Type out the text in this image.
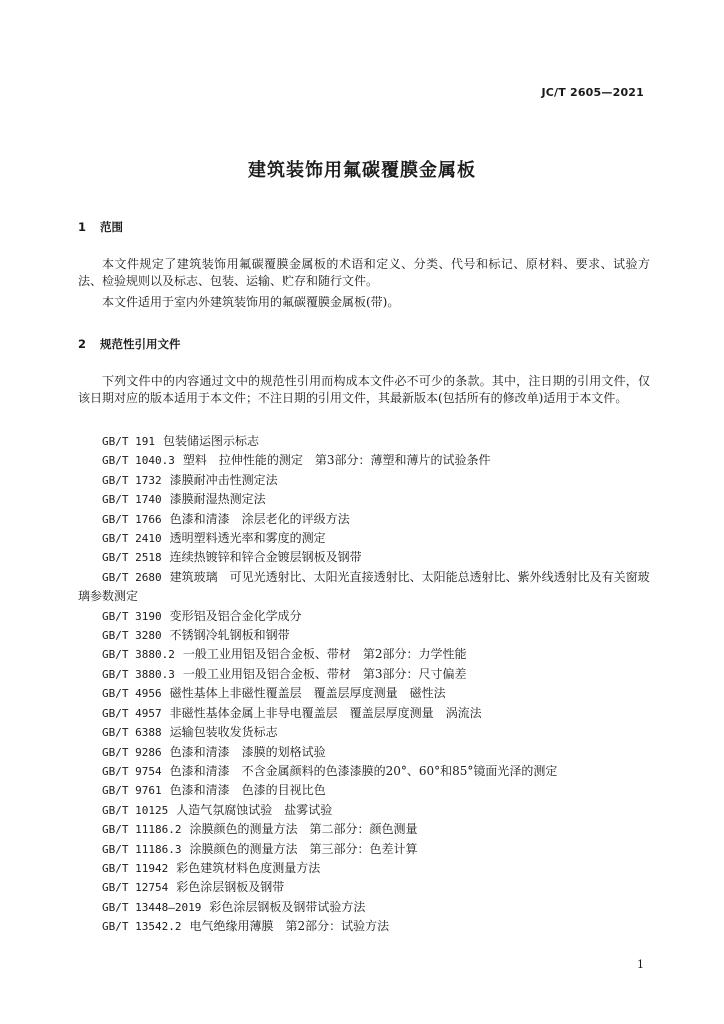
JC/T 2605—2021
建筑装饰用氟碳覆膜金属板
1 范围

本文件规定了建筑装饰用氟碳覆膜金属板的术语和定义、分类、代号和标记、原材料、要求、试验方法、检验规则以及标志、包装、运输、贮存和随行文件。

本文件适用于室内外建筑装饰用的氟碳覆膜金属板(带)。

2 规范性引用文件

下列文件中的内容通过文中的规范性引用而构成本文件必不可少的条款。其中，注日期的引用文件，仅该日期对应的版本适用于本文件；不注日期的引用文件，其最新版本(包括所有的修改单)适用于本文件。

GB/T 191 包装储运图示标志
GB/T 1040.3 塑料　拉伸性能的测定　第3部分：薄塑和薄片的试验条件
GB/T 1732 漆膜耐冲击性测定法
GB/T 1740 漆膜耐湿热测定法
GB/T 1766 色漆和清漆　涂层老化的评级方法
GB/T 2410 透明塑料透光率和雾度的测定
GB/T 2518 连续热镀锌和锌合金镀层钢板及钢带
GB/T 2680 建筑玻璃　可见光透射比、太阳光直接透射比、太阳能总透射比、紫外线透射比及有关窗玻璃参数测定
GB/T 3190 变形铝及铝合金化学成分
GB/T 3280 不锈钢冷轧钢板和钢带
GB/T 3880.2 一般工业用铝及铝合金板、带材　第2部分：力学性能
GB/T 3880.3 一般工业用铝及铝合金板、带材　第3部分：尺寸偏差
GB/T 4956 磁性基体上非磁性覆盖层　覆盖层厚度测量　磁性法
GB/T 4957 非磁性基体金属上非导电覆盖层　覆盖层厚度测量　涡流法
GB/T 6388 运输包装收发货标志
GB/T 9286 色漆和清漆　漆膜的划格试验
GB/T 9754 色漆和清漆　不含金属颜料的色漆漆膜的20°、60°和85°镜面光泽的测定
GB/T 9761 色漆和清漆　色漆的目视比色
GB/T 10125 人造气氛腐蚀试验　盐雾试验
GB/T 11186.2 涂膜颜色的测量方法　第二部分：颜色测量
GB/T 11186.3 涂膜颜色的测量方法　第三部分：色差计算
GB/T 11942 彩色建筑材料色度测量方法
GB/T 12754 彩色涂层钢板及钢带
GB/T 13448—2019 彩色涂层钢板及钢带试验方法
GB/T 13542.2 电气绝缘用薄膜　第2部分：试验方法
1
